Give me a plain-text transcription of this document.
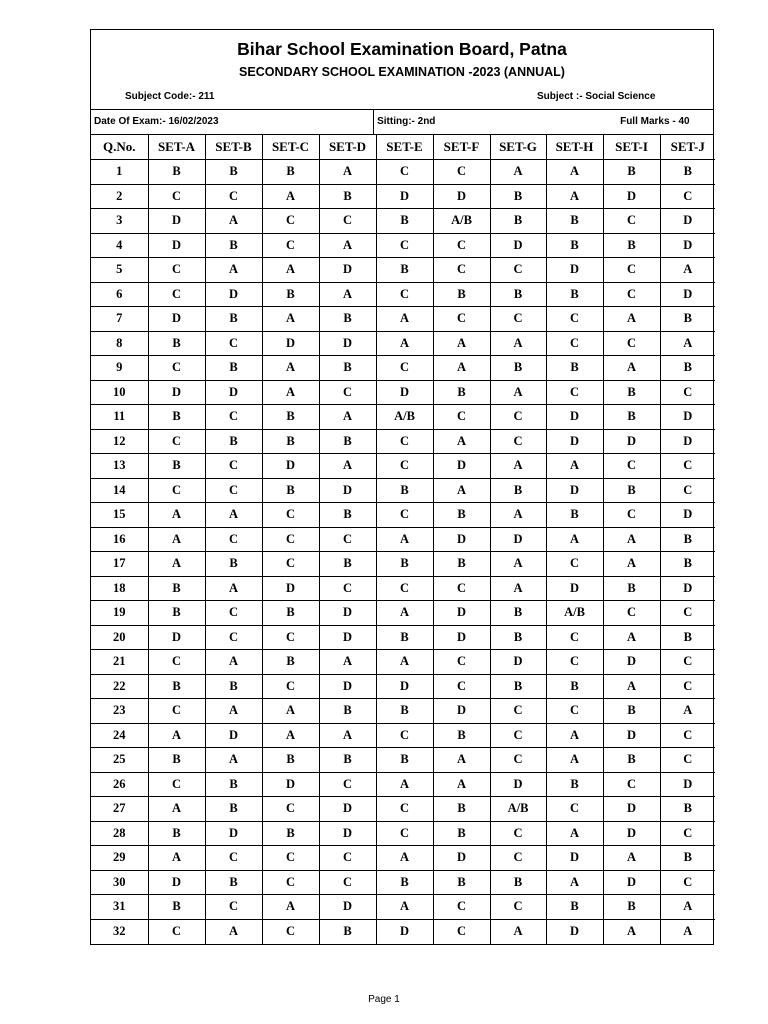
Bihar School Examination Board, Patna
SECONDARY SCHOOL EXAMINATION -2023 (ANNUAL)
Subject Code:- 211	Subject :- Social Science
Date Of Exam:- 16/02/2023	Sitting:- 2nd	Full Marks - 40
Q.No.	SET-A	SET-B	SET-C	SET-D	SET-E	SET-F	SET-G	SET-H	SET-I	SET-J
1	B	B	B	A	C	C	A	A	B	B
2	C	C	A	B	D	D	B	A	D	C
3	D	A	C	C	B	A/B	B	B	C	D
4	D	B	C	A	C	C	D	B	B	D
5	C	A	A	D	B	C	C	D	C	A
6	C	D	B	A	C	B	B	B	C	D
7	D	B	A	B	A	C	C	C	A	B
8	B	C	D	D	A	A	A	C	C	A
9	C	B	A	B	C	A	B	B	A	B
10	D	D	A	C	D	B	A	C	B	C
11	B	C	B	A	A/B	C	C	D	B	D
12	C	B	B	B	C	A	C	D	D	D
13	B	C	D	A	C	D	A	A	C	C
14	C	C	B	D	B	A	B	D	B	C
15	A	A	C	B	C	B	A	B	C	D
16	A	C	C	C	A	D	D	A	A	B
17	A	B	C	B	B	B	A	C	A	B
18	B	A	D	C	C	C	A	D	B	D
19	B	C	B	D	A	D	B	A/B	C	C
20	D	C	C	D	B	D	B	C	A	B
21	C	A	B	A	A	C	D	C	D	C
22	B	B	C	D	D	C	B	B	A	C
23	C	A	A	B	B	D	C	C	B	A
24	A	D	A	A	C	B	C	A	D	C
25	B	A	B	B	B	A	C	A	B	C
26	C	B	D	C	A	A	D	B	C	D
27	A	B	C	D	C	B	A/B	C	D	B
28	B	D	B	D	C	B	C	A	D	C
29	A	C	C	C	A	D	C	D	A	B
30	D	B	C	C	B	B	B	A	D	C
31	B	C	A	D	A	C	C	B	B	A
32	C	A	C	B	D	C	A	D	A	A
Page 1
